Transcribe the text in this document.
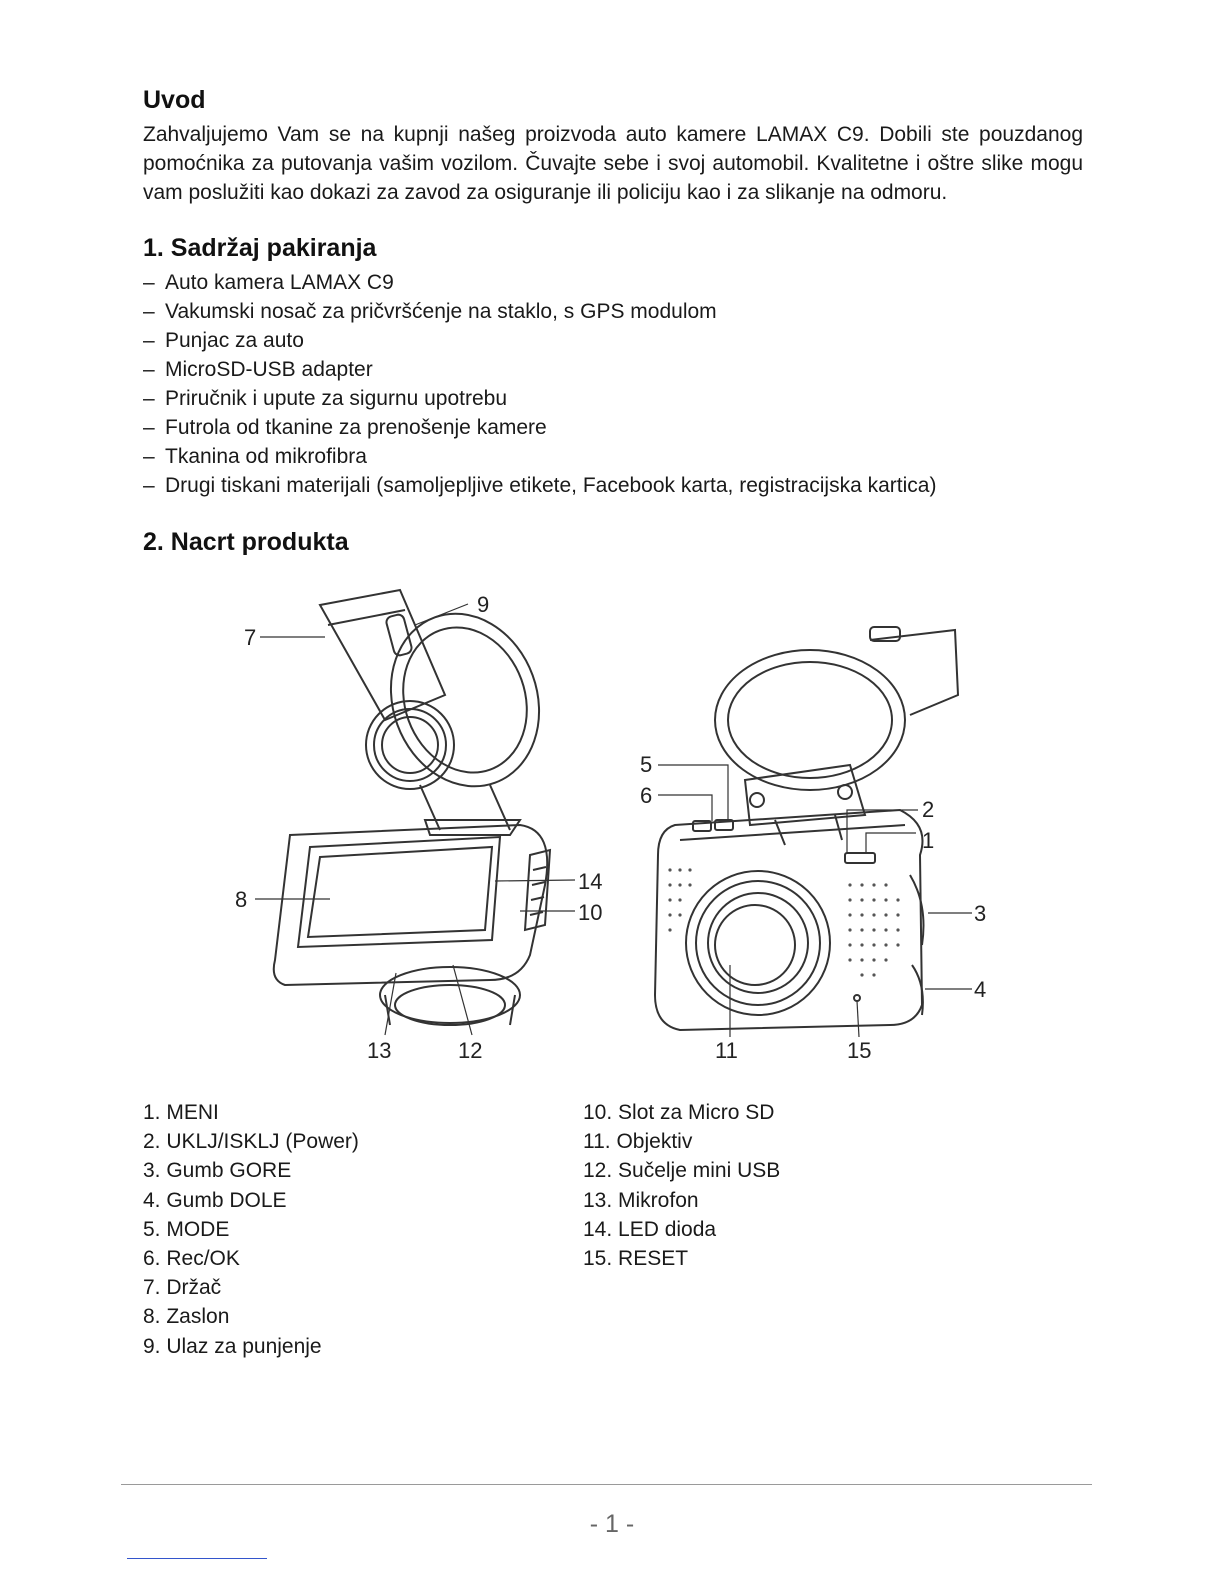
Uvod

Zahvaljujemo Vam se na kupnji našeg proizvoda auto kamere LAMAX C9. Dobili ste pouzdanog pomoćnika za putovanja vašim vozilom. Čuvajte sebe i svoj automobil. Kvalitetne i oštre slike mogu vam poslužiti kao dokazi za zavod za osiguranje ili policiju kao i za slikanje na odmoru.

1. Sadržaj pakiranja
– Auto kamera LAMAX C9
– Vakumski nosač za pričvršćenje na staklo, s GPS modulom
– Punjac za auto
– MicroSD-USB adapter
– Priručnik i upute za sigurnu upotrebu
– Futrola od tkanine za prenošenje kamere
– Tkanina od mikrofibra
– Drugi tiskani materijali (samoljepljive etikete, Facebook karta, registracijska kartica)
2. Nacrt produkta
7
9
8
14
10
13	12
5
6
2
1
3
4
11	15
1. MENI
2. UKLJ/ISKLJ (Power)
3. Gumb GORE
4. Gumb DOLE
5. MODE
6. Rec/OK
7. Držač
8. Zaslon
9. Ulaz za punjenje
10. Slot za Micro SD
11. Objektiv
12. Sučelje mini USB
13. Mikrofon
14. LED dioda
15. RESET
- 1 -
